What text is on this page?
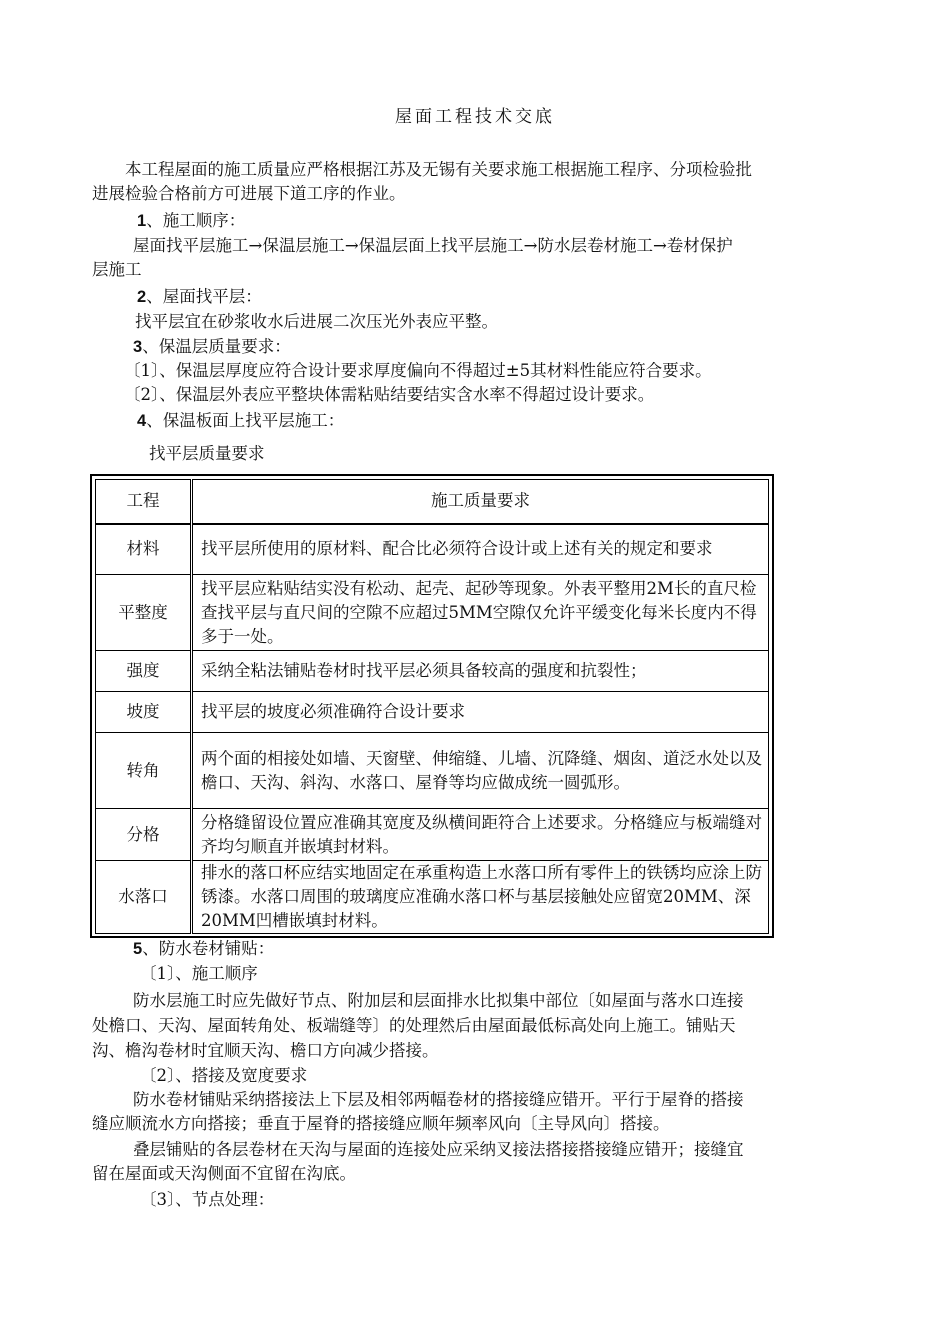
屋面工程技术交底
本工程屋面的施工质量应严格根据江苏及无锡有关要求施工根据施工程序、分项检验批
进展检验合格前方可进展下道工序的作业。
1、施工顺序：
屋面找平层施工→保温层施工→保温层面上找平层施工→防水层卷材施工→卷材保护
层施工
2、屋面找平层：
找平层宜在砂浆收水后进展二次压光外表应平整。
3、保温层质量要求：
〔1〕、保温层厚度应符合设计要求厚度偏向不得超过±5其材料性能应符合要求。
〔2〕、保温层外表应平整块体需粘贴结要结实含水率不得超过设计要求。
4、保温板面上找平层施工：
找平层质量要求
工程	施工质量要求
材料	找平层所使用的原材料、配合比必须符合设计或上述有关的规定和要求
平整度	找平层应粘贴结实没有松动、起壳、起砂等现象。外表平整用2M长的直尺检查找平层与直尺间的空隙不应超过5MM空隙仅允许平缓变化每米长度内不得多于一处。
强度	采纳全粘法铺贴卷材时找平层必须具备较高的强度和抗裂性；
坡度	找平层的坡度必须准确符合设计要求
转角	两个面的相接处如墙、天窗壁、伸缩缝、儿墙、沉降缝、烟囱、道泛水处以及檐口、天沟、斜沟、水落口、屋脊等均应做成统一圆弧形。
分格	分格缝留设位置应准确其宽度及纵横间距符合上述要求。分格缝应与板端缝对齐均匀顺直并嵌填封材料。
水落口	排水的落口杯应结实地固定在承重构造上水落口所有零件上的铁锈均应涂上防锈漆。水落口周围的玻璃度应准确水落口杯与基层接触处应留宽20MM、深20MM凹槽嵌填封材料。
5、防水卷材铺贴：
〔1〕、施工顺序
防水层施工时应先做好节点、附加层和层面排水比拟集中部位〔如屋面与落水口连接
处檐口、天沟、屋面转角处、板端缝等〕的处理然后由屋面最低标高处向上施工。铺贴天
沟、檐沟卷材时宜顺天沟、檐口方向减少搭接。
〔2〕、搭接及宽度要求
防水卷材铺贴采纳搭接法上下层及相邻两幅卷材的搭接缝应错开。平行于屋脊的搭接
缝应顺流水方向搭接；垂直于屋脊的搭接缝应顺年频率风向〔主导风向〕搭接。
叠层铺贴的各层卷材在天沟与屋面的连接处应采纳叉接法搭接搭接缝应错开；接缝宜
留在屋面或天沟侧面不宜留在沟底。
〔3〕、节点处理：
